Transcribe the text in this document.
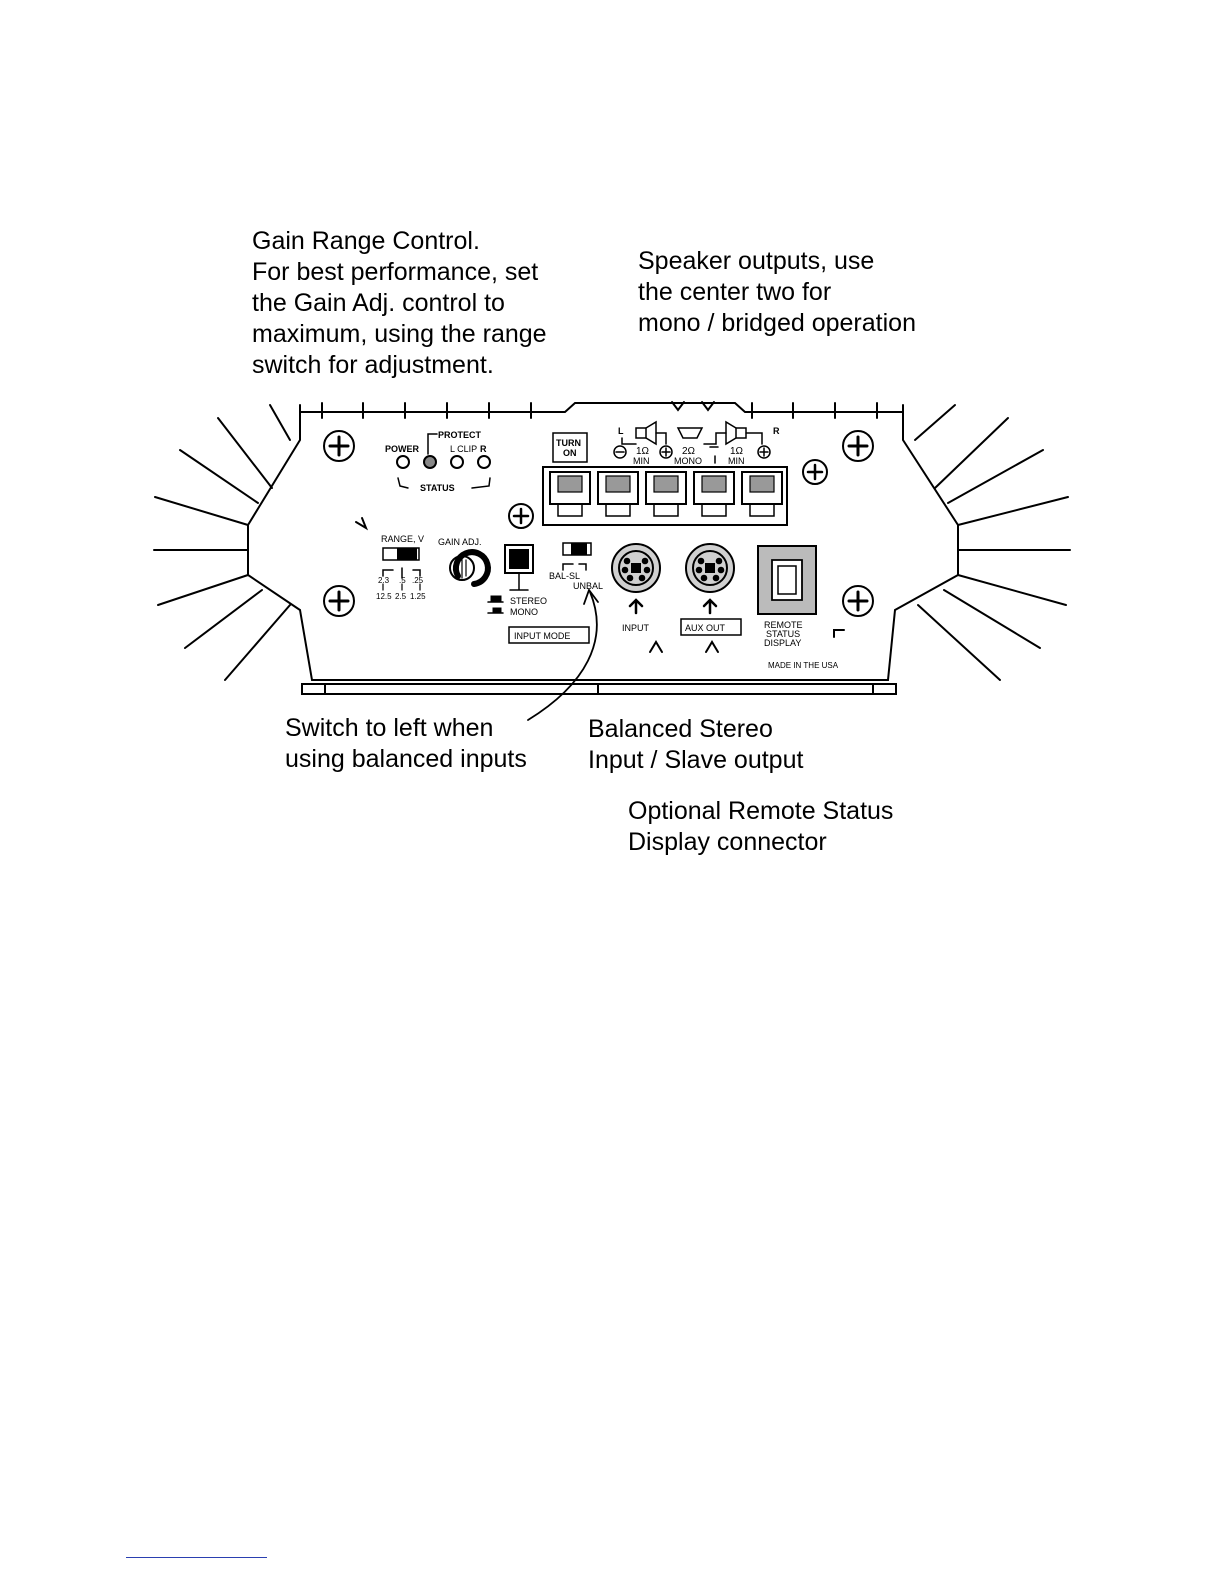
Gain Range Control.
For best performance, set
the Gain Adj. control to
maximum, using the range
switch for adjustment.
Speaker outputs, use
the center two for
mono / bridged operation
Switch to left when
using balanced inputs
Balanced Stereo
Input / Slave output
Optional Remote Status
Display connector
POWER
PROTECT
L CLIP R
STATUS
RANGE, V
2.3 .5 .25
12.5 2.5 1.25
GAIN ADJ.
STEREO
MONO
INPUT MODE
BAL-SL
UNBAL
TURN
ON
L	R
1Ω
MIN
2Ω
MONO
1Ω
MIN
INPUT	AUX OUT	REMOTE
STATUS
DISPLAY
MADE IN THE USA
